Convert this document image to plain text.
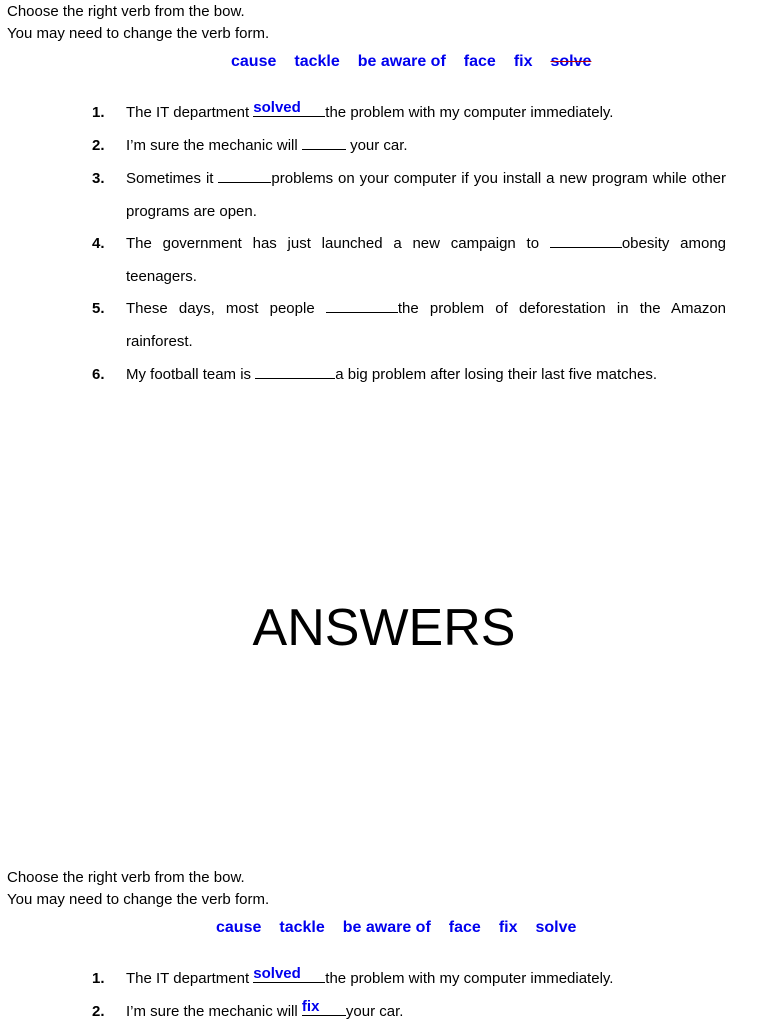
Choose the right verb from the bow.
You may need to change the verb form.
cause tackle be aware of face fix solve
1.	The IT department solved	the problem with my computer immediately.
2.	I’m sure the mechanic will	your car.
3.	Sometimes it	problems on your computer if you install a new program while other programs are open.
4.	The government has just launched a new campaign to	obesity among teenagers.
5.	These days, most people	the problem of deforestation in the Amazon rainforest.
6.	My football team is	a big problem after losing their last five matches.
ANSWERS
Choose the right verb from the bow.
You may need to change the verb form.
cause tackle be aware of face fix solve
1.	The IT department solved	the problem with my computer immediately.
2.	I’m sure the mechanic will fix	your car.
